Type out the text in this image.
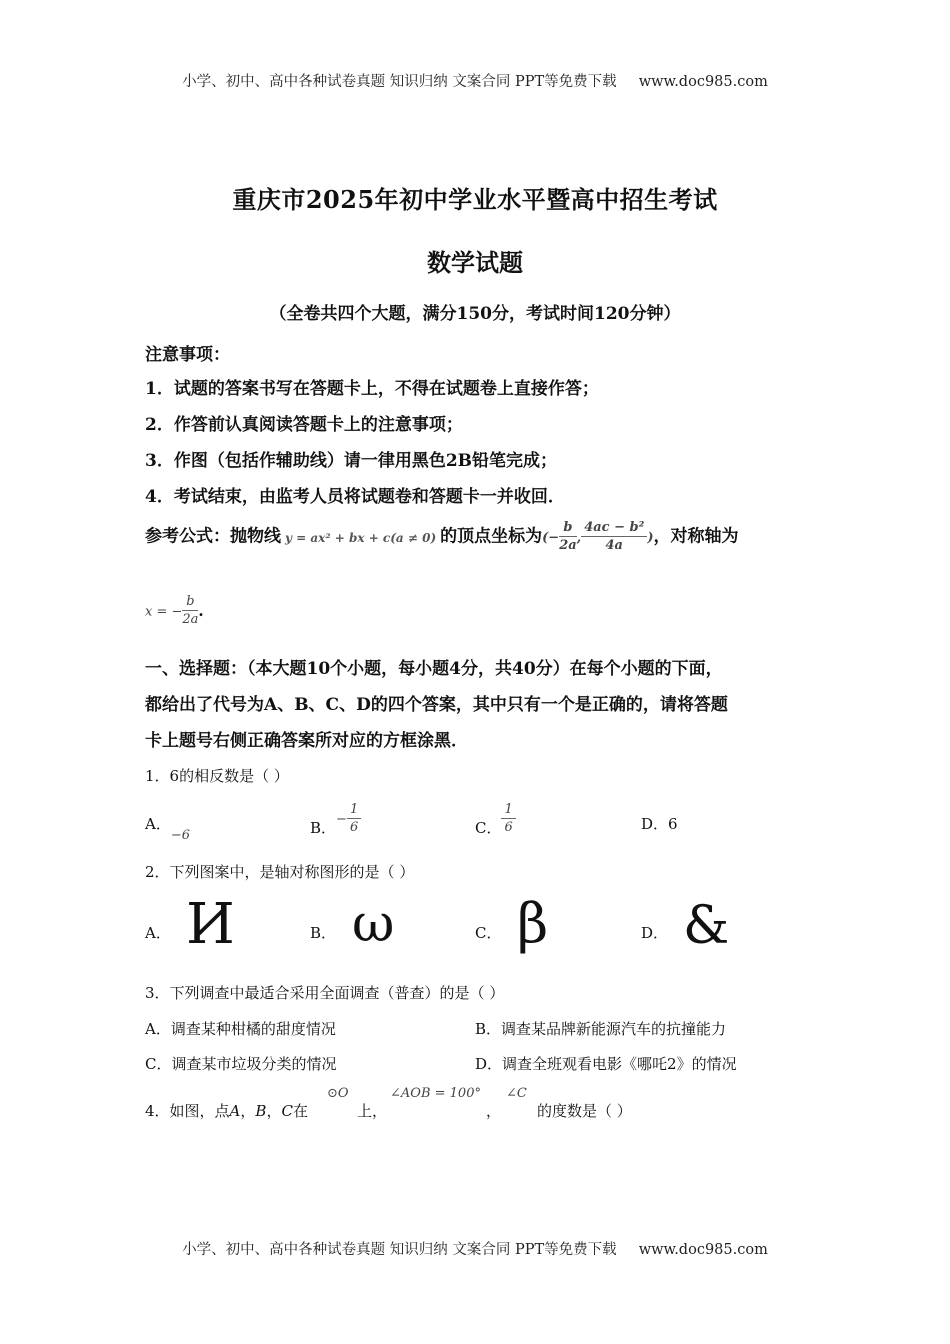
小学、初中、高中各种试卷真题 知识归纳 文案合同 PPT等免费下载 www.doc985.com
重庆市2025年初中学业水平暨高中招生考试
数学试题
（全卷共四个大题，满分150分，考试时间120分钟）
注意事项：
1．试题的答案书写在答题卡上，不得在试题卷上直接作答；
2．作答前认真阅读答题卡上的注意事项；
3．作图（包括作辅助线）请一律用黑色2B铅笔完成；
4．考试结束，由监考人员将试题卷和答题卡一并收回．
参考公式：抛物线 y = ax² + bx + c(a ≠ 0) 的顶点坐标为(− $\frac{b}{2a}$ , $\frac{\text{4ac − b²}}{4a}$ )，对称轴为
x = − $\frac{b}{2a}$ ．
一、选择题：（本大题10个小题，每小题4分，共40分）在每个小题的下面，
都给出了代号为A、B、C、D的四个答案，其中只有一个是正确的，请将答题
卡上题号右侧正确答案所对应的方框涂黑．
1．6的相反数是（ ）
A．−6	B．− $\frac{1}{6}$	C． $\frac{1}{6}$	D．6
2．下列图案中，是轴对称图形的是（ ）
A． И	B． ω	C． β	D． &
3．下列调查中最适合采用全面调查（普查）的是（ ）
A．调查某种柑橘的甜度情况	B．调查某品牌新能源汽车的抗撞能力
C．调查某市垃圾分类的情况	D．调查全班观看电影《哪吒2》的情况
4．如图，点A，B，C在
⊙O
上，
∠AOB = 100°
，
∠C
的度数是（ ）
小学、初中、高中各种试卷真题 知识归纳 文案合同 PPT等免费下载 www.doc985.com
